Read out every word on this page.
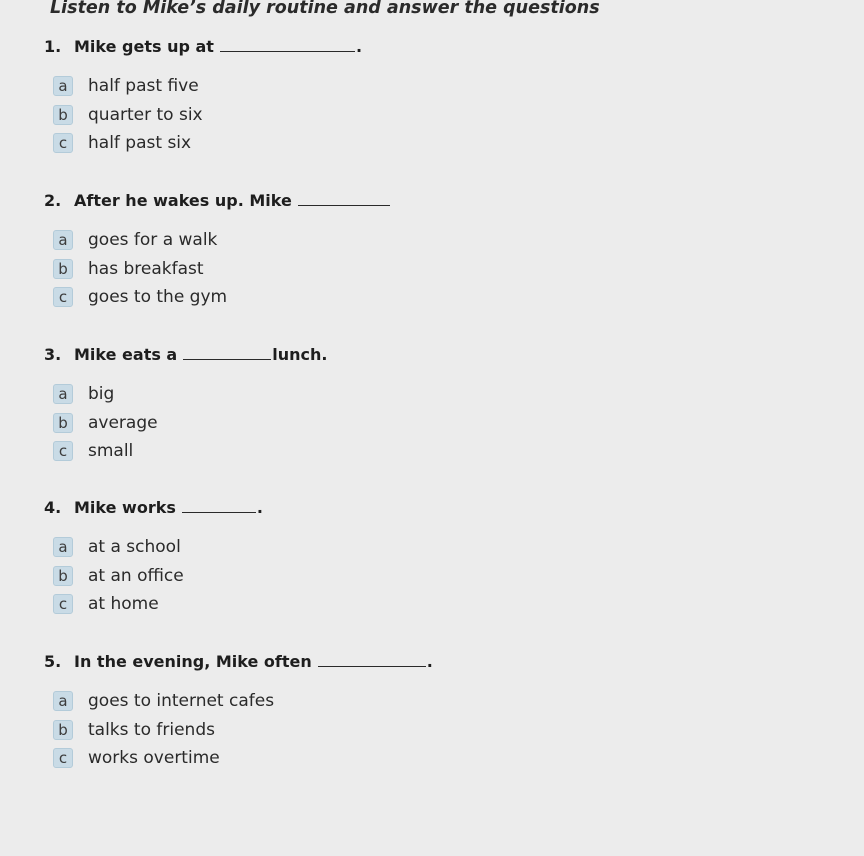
Listen to Mike’s daily routine and answer the questions
1. Mike gets up at	.
a	half past five
b	quarter to six
c	half past six
2. After he wakes up. Mike
a	goes for a walk
b	has breakfast
c	goes to the gym
3. Mike eats a	lunch.
a	big
b	average
c	small
4. Mike works	.
a	at a school
b	at an office
c	at home
5. In the evening, Mike often	.
a	goes to internet cafes
b	talks to friends
c	works overtime
